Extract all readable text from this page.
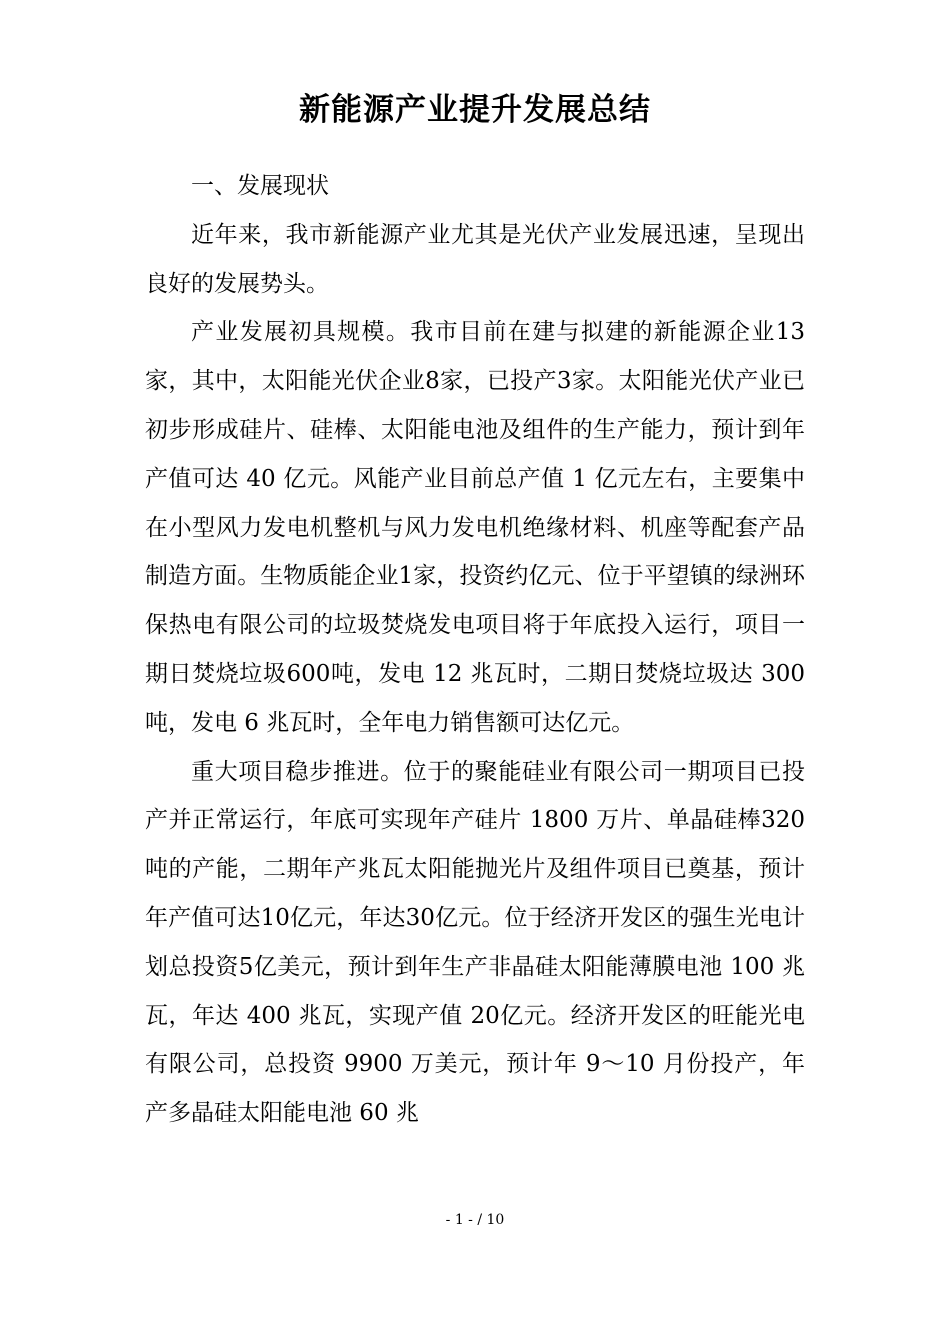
新能源产业提升发展总结

一、发展现状

近年来，我市新能源产业尤其是光伏产业发展迅速，呈现出良好的发展势头。

产业发展初具规模。我市目前在建与拟建的新能源企业13家，其中，太阳能光伏企业8家，已投产3家。太阳能光伏产业已初步形成硅片、硅棒、太阳能电池及组件的生产能力，预计到年产值可达 40 亿元。风能产业目前总产值 1 亿元左右，主要集中在小型风力发电机整机与风力发电机绝缘材料、机座等配套产品制造方面。生物质能企业1家，投资约亿元、位于平望镇的绿洲环保热电有限公司的垃圾焚烧发电项目将于年底投入运行，项目一期日焚烧垃圾600吨，发电 12 兆瓦时，二期日焚烧垃圾达 300 吨，发电 6 兆瓦时，全年电力销售额可达亿元。

重大项目稳步推进。位于的聚能硅业有限公司一期项目已投产并正常运行，年底可实现年产硅片 1800 万片、单晶硅棒320吨的产能，二期年产兆瓦太阳能抛光片及组件项目已奠基，预计年产值可达10亿元，年达30亿元。位于经济开发区的强生光电计划总投资5亿美元，预计到年生产非晶硅太阳能薄膜电池 100 兆瓦，年达 400 兆瓦，实现产值 20亿元。经济开发区的旺能光电有限公司，总投资 9900 万美元，预计年 9～10 月份投产，年产多晶硅太阳能电池 60 兆

- 1 - / 10
